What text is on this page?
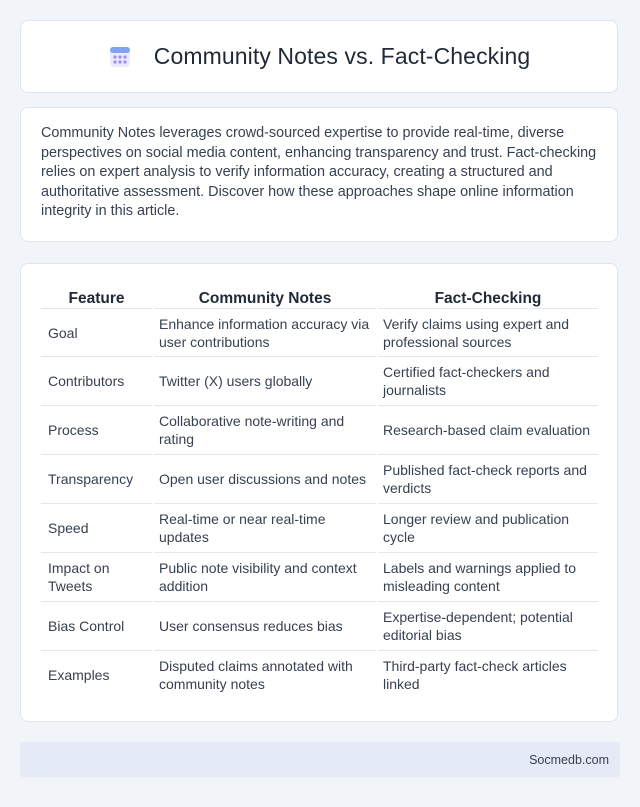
Community Notes vs. Fact-Checking

Community Notes leverages crowd-sourced expertise to provide real-time, diverse perspectives on social media content, enhancing transparency and trust. Fact-checking relies on expert analysis to verify information accuracy, creating a structured and authoritative assessment. Discover how these approaches shape online information integrity in this article.

Feature	Community Notes	Fact-Checking
Goal	Enhance information accuracy via user contributions	Verify claims using expert and professional sources
Contributors	Twitter (X) users globally	Certified fact-checkers and journalists
Process	Collaborative note-writing and rating	Research-based claim evaluation
Transparency	Open user discussions and notes	Published fact-check reports and verdicts
Speed	Real-time or near real-time updates	Longer review and publication cycle
Impact on Tweets	Public note visibility and context addition	Labels and warnings applied to misleading content
Bias Control	User consensus reduces bias	Expertise-dependent; potential editorial bias
Examples	Disputed claims annotated with community notes	Third-party fact-check articles linked
Socmedb.com
